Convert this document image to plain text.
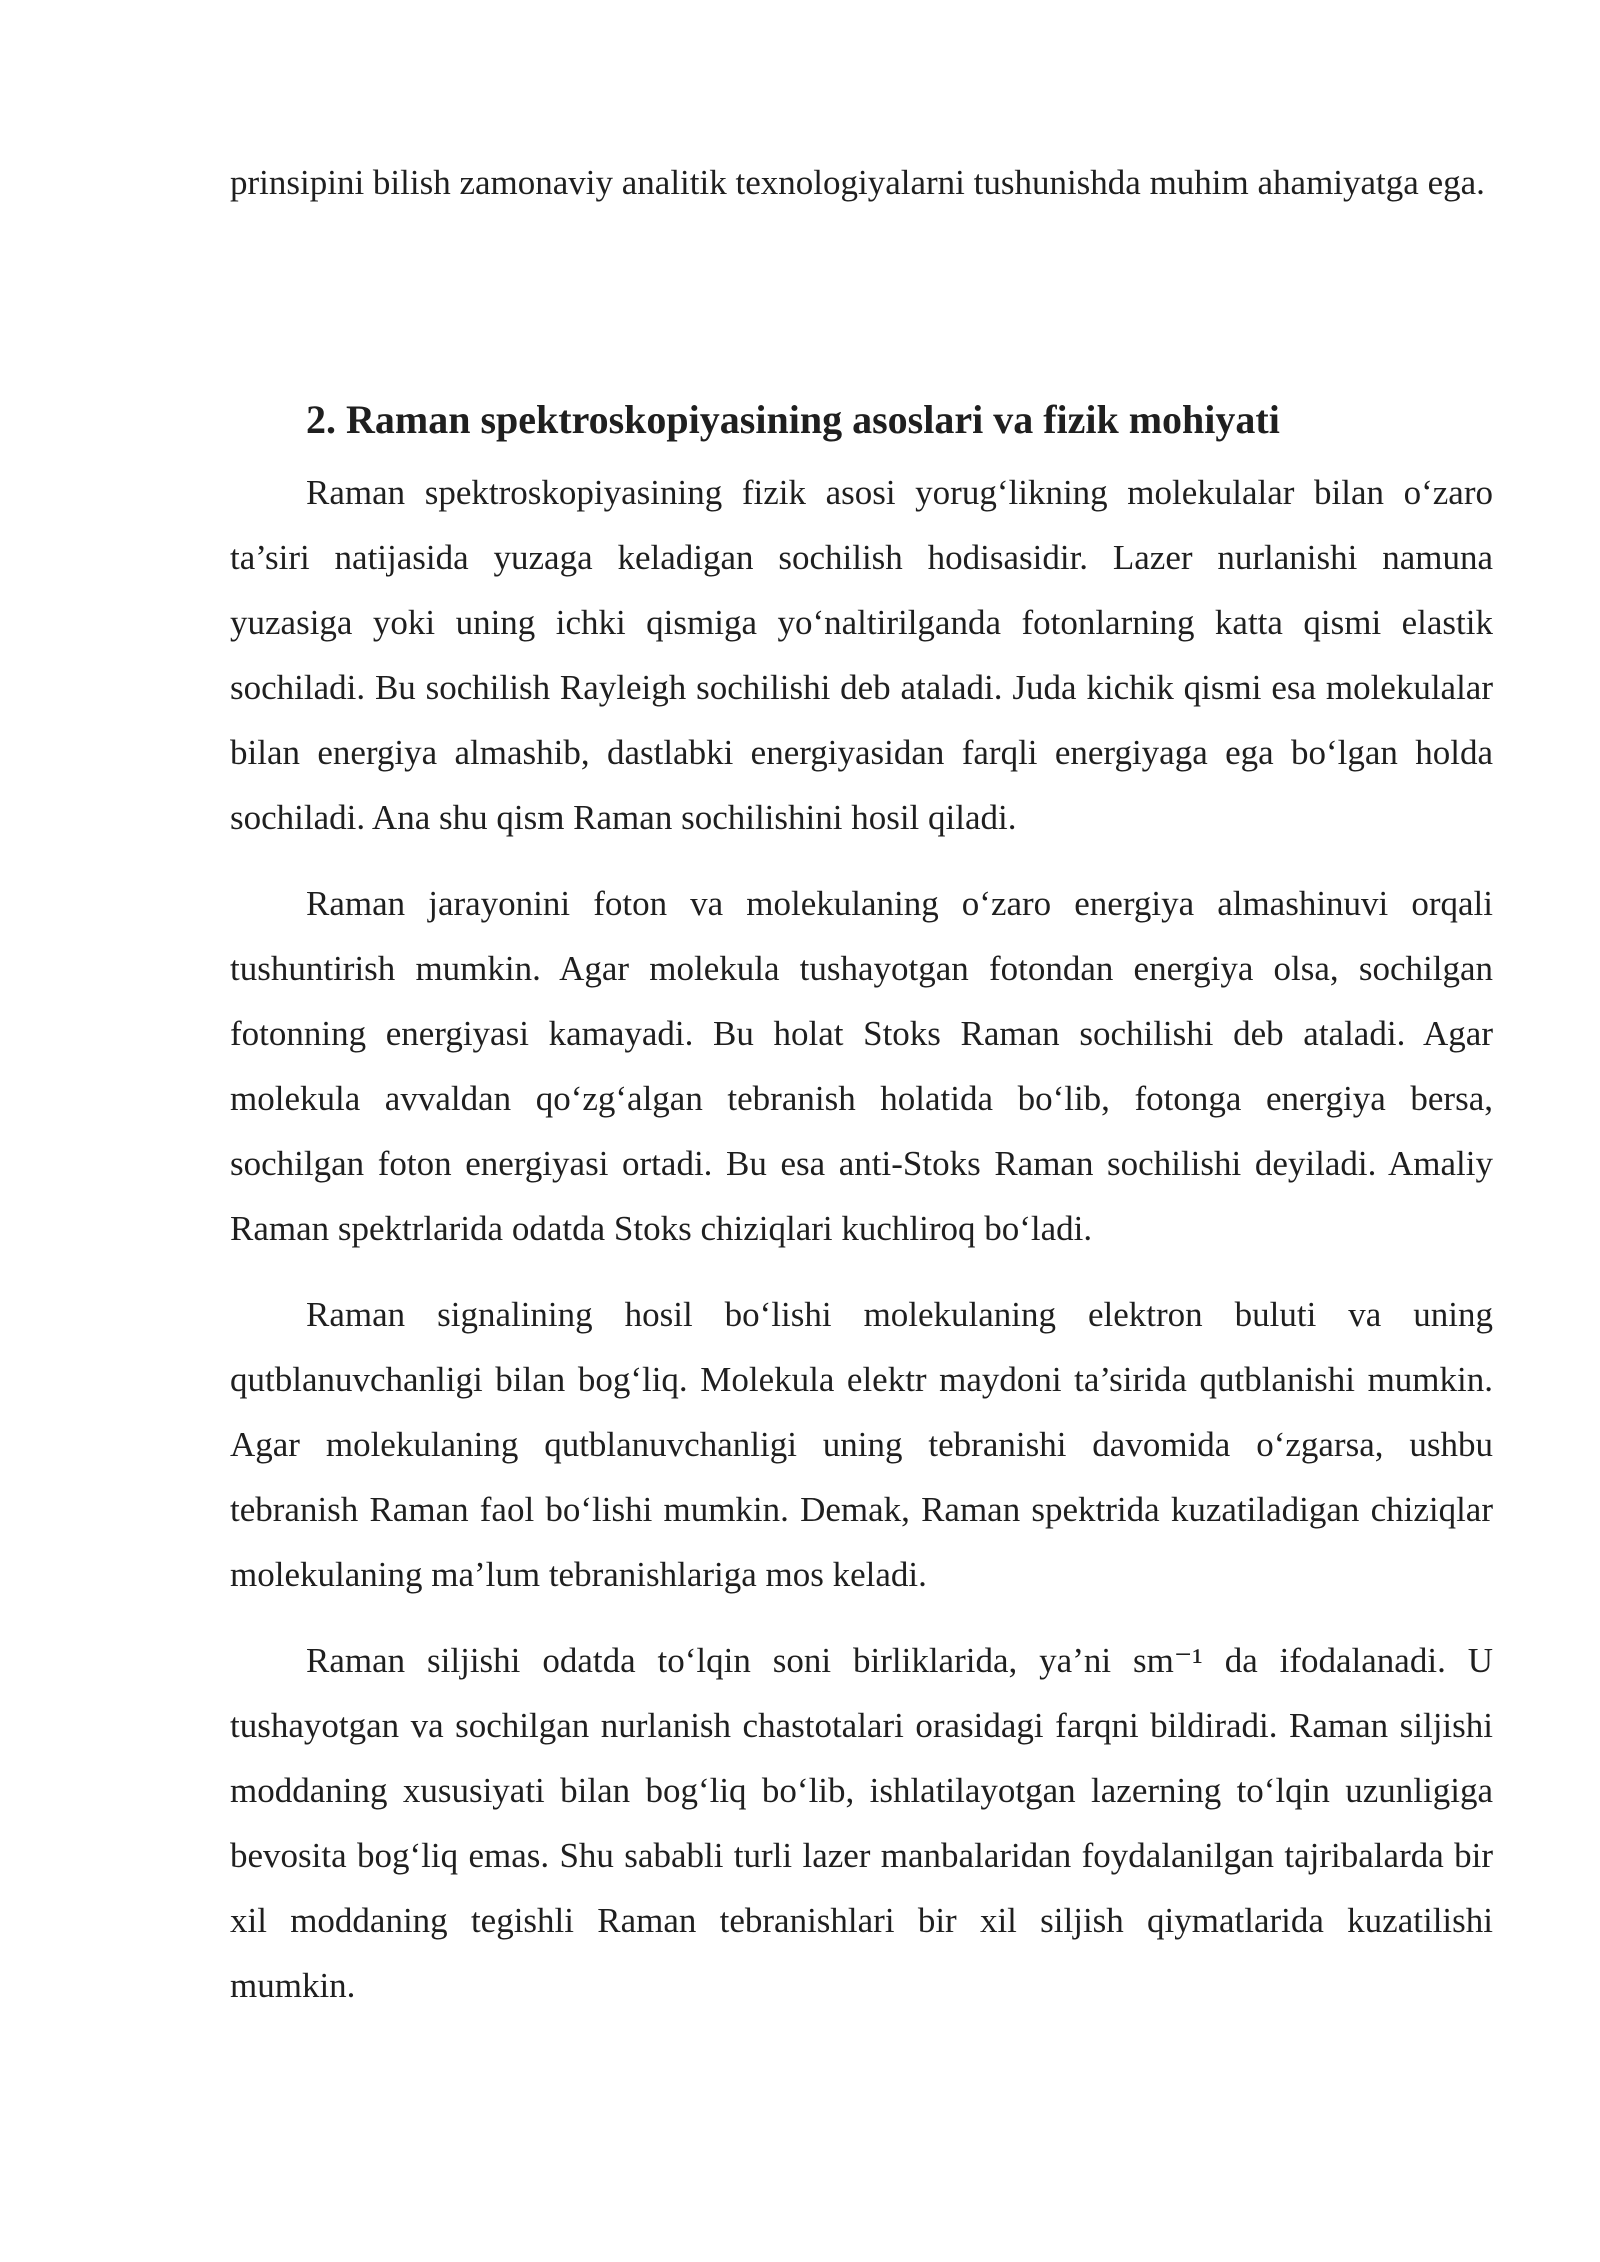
prinsipini bilish zamonaviy analitik texnologiyalarni tushunishda muhim ahamiyatga ega.

2. Raman spektroskopiyasining asoslari va fizik mohiyati

Raman spektroskopiyasining fizik asosi yorug‘likning molekulalar bilan o‘zaro ta’siri natijasida yuzaga keladigan sochilish hodisasidir. Lazer nurlanishi namuna yuzasiga yoki uning ichki qismiga yo‘naltirilganda fotonlarning katta qismi elastik sochiladi. Bu sochilish Rayleigh sochilishi deb ataladi. Juda kichik qismi esa molekulalar bilan energiya almashib, dastlabki energiyasidan farqli energiyaga ega bo‘lgan holda sochiladi. Ana shu qism Raman sochilishini hosil qiladi.

Raman jarayonini foton va molekulaning o‘zaro energiya almashinuvi orqali tushuntirish mumkin. Agar molekula tushayotgan fotondan energiya olsa, sochilgan fotonning energiyasi kamayadi. Bu holat Stoks Raman sochilishi deb ataladi. Agar molekula avvaldan qo‘zg‘algan tebranish holatida bo‘lib, fotonga energiya bersa, sochilgan foton energiyasi ortadi. Bu esa anti-Stoks Raman sochilishi deyiladi. Amaliy Raman spektrlarida odatda Stoks chiziqlari kuchliroq bo‘ladi.

Raman signalining hosil bo‘lishi molekulaning elektron buluti va uning qutblanuvchanligi bilan bog‘liq. Molekula elektr maydoni ta’sirida qutblanishi mumkin. Agar molekulaning qutblanuvchanligi uning tebranishi davomida o‘zgarsa, ushbu tebranish Raman faol bo‘lishi mumkin. Demak, Raman spektrida kuzatiladigan chiziqlar molekulaning ma’lum tebranishlariga mos keladi.

Raman siljishi odatda to‘lqin soni birliklarida, ya’ni sm⁻¹ da ifodalanadi. U tushayotgan va sochilgan nurlanish chastotalari orasidagi farqni bildiradi. Raman siljishi moddaning xususiyati bilan bog‘liq bo‘lib, ishlatilayotgan lazerning to‘lqin uzunligiga bevosita bog‘liq emas. Shu sababli turli lazer manbalaridan foydalanilgan tajribalarda bir xil moddaning tegishli Raman tebranishlari bir xil siljish qiymatlarida kuzatilishi mumkin.
